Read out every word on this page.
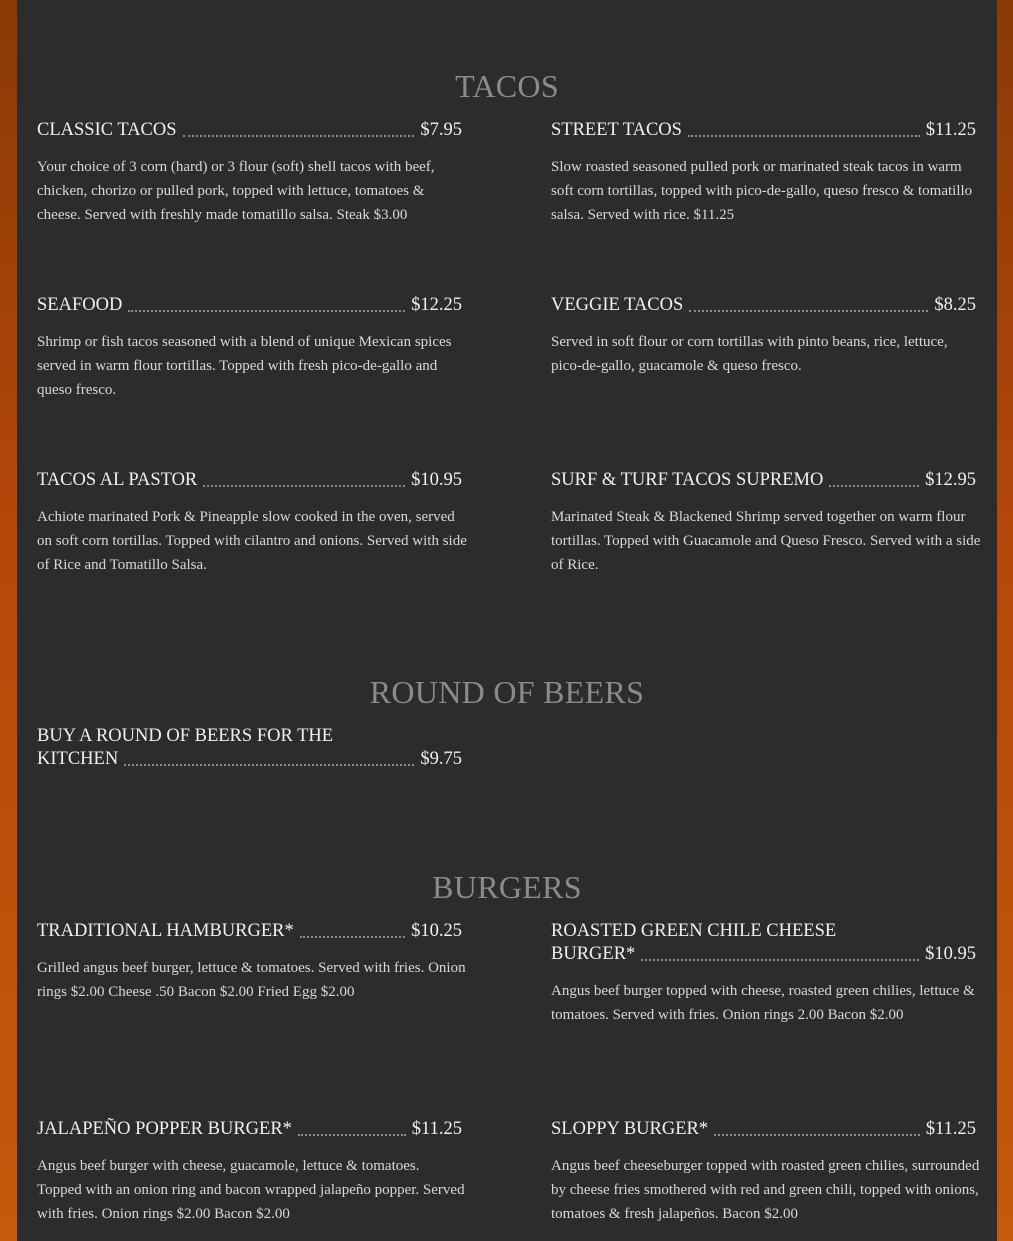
TACOS
CLASSIC TACOS	$7.95
Your choice of 3 corn (hard) or 3 flour (soft) shell tacos with beef, chicken, chorizo or pulled pork, topped with lettuce, tomatoes & cheese. Served with freshly made tomatillo salsa. Steak $3.00
STREET TACOS	$11.25
Slow roasted seasoned pulled pork or marinated steak tacos in warm soft corn tortillas, topped with pico-de-gallo, queso fresco & tomatillo salsa. Served with rice. $11.25
SEAFOOD	$12.25
Shrimp or fish tacos seasoned with a blend of unique Mexican spices served in warm flour tortillas. Topped with fresh pico-de-gallo and queso fresco.
VEGGIE TACOS	$8.25
Served in soft flour or corn tortillas with pinto beans, rice, lettuce, pico-de-gallo, guacamole & queso fresco.
TACOS AL PASTOR	$10.95
Achiote marinated Pork & Pineapple slow cooked in the oven, served on soft corn tortillas. Topped with cilantro and onions. Served with side of Rice and Tomatillo Salsa.
SURF & TURF TACOS SUPREMO	$12.95
Marinated Steak & Blackened Shrimp served together on warm flour tortillas. Topped with Guacamole and Queso Fresco. Served with a side of Rice.
ROUND OF BEERS
BUY A ROUND OF BEERS FOR THE
KITCHEN	$9.75
BURGERS
TRADITIONAL HAMBURGER*	$10.25
Grilled angus beef burger, lettuce & tomatoes. Served with fries. Onion rings $2.00 Cheese .50 Bacon $2.00 Fried Egg $2.00
ROASTED GREEN CHILE CHEESE
BURGER*	$10.95
Angus beef burger topped with cheese, roasted green chilies, lettuce & tomatoes. Served with fries. Onion rings 2.00 Bacon $2.00
JALAPEÑO POPPER BURGER*	$11.25
Angus beef burger with cheese, guacamole, lettuce & tomatoes. Topped with an onion ring and bacon wrapped jalapeño popper. Served with fries. Onion rings $2.00 Bacon $2.00
SLOPPY BURGER*	$11.25
Angus beef cheeseburger topped with roasted green chilies, surrounded by cheese fries smothered with red and green chili, topped with onions, tomatoes & fresh jalapeños. Bacon $2.00
